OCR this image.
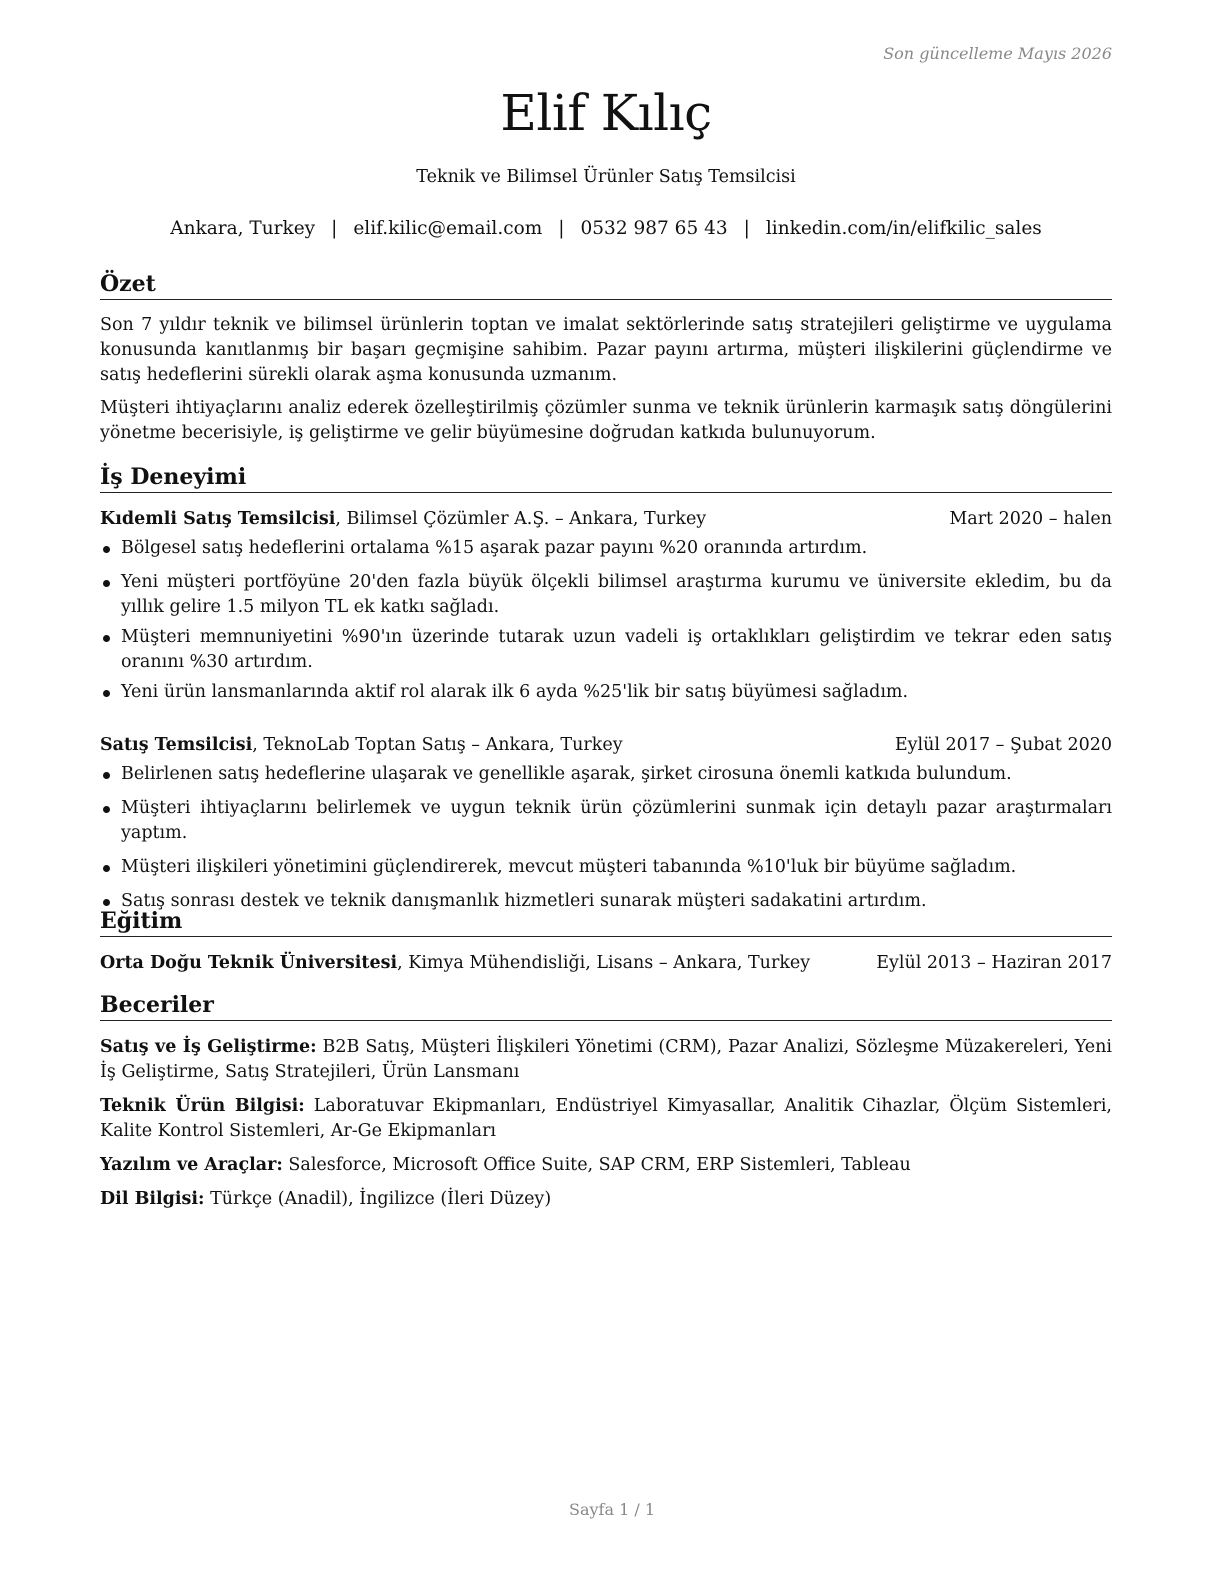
Son güncelleme Mayıs 2026
Elif Kılıç
Teknik ve Bilimsel Ürünler Satış Temsilcisi
Ankara, Turkey | elif.kilic@email.com | 0532 987 65 43 | linkedin.com/in/elifkilic_sales
Özet

Son 7 yıldır teknik ve bilimsel ürünlerin toptan ve imalat sektörlerinde satış stratejileri geliştirme ve uygulama konusunda kanıtlanmış bir başarı geçmişine sahibim. Pazar payını artırma, müşteri ilişkilerini güçlendirme ve satış hedeflerini sürekli olarak aşma konusunda uzmanım.

Müşteri ihtiyaçlarını analiz ederek özelleştirilmiş çözümler sunma ve teknik ürünlerin karmaşık satış döngülerini yönetme becerisiyle, iş geliştirme ve gelir büyümesine doğrudan katkıda bulunuyorum.

İş Deneyimi
Kıdemli Satış Temsilcisi, Bilimsel Çözümler A.Ş. – Ankara, Turkey	Mart 2020 – halen
Bölgesel satış hedeflerini ortalama %15 aşarak pazar payını %20 oranında artırdım.
Yeni müşteri portföyüne 20'den fazla büyük ölçekli bilimsel araştırma kurumu ve üniversite ekledim, bu da yıllık gelire 1.5 milyon TL ek katkı sağladı.
Müşteri memnuniyetini %90'ın üzerinde tutarak uzun vadeli iş ortaklıkları geliştirdim ve tekrar eden satış oranını %30 artırdım.
Yeni ürün lansmanlarında aktif rol alarak ilk 6 ayda %25'lik bir satış büyümesi sağladım.
Satış Temsilcisi, TeknoLab Toptan Satış – Ankara, Turkey	Eylül 2017 – Şubat 2020
Belirlenen satış hedeflerine ulaşarak ve genellikle aşarak, şirket cirosuna önemli katkıda bulundum.
Müşteri ihtiyaçlarını belirlemek ve uygun teknik ürün çözümlerini sunmak için detaylı pazar araştırmaları yaptım.
Müşteri ilişkileri yönetimini güçlendirerek, mevcut müşteri tabanında %10'luk bir büyüme sağladım.
Satış sonrası destek ve teknik danışmanlık hizmetleri sunarak müşteri sadakatini artırdım.
Eğitim
Orta Doğu Teknik Üniversitesi, Kimya Mühendisliği, Lisans – Ankara, Turkey	Eylül 2013 – Haziran 2017
Beceriler

Satış ve İş Geliştirme: B2B Satış, Müşteri İlişkileri Yönetimi (CRM), Pazar Analizi, Sözleşme Müzakereleri, Yeni İş Geliştirme, Satış Stratejileri, Ürün Lansmanı

Teknik Ürün Bilgisi: Laboratuvar Ekipmanları, Endüstriyel Kimyasallar, Analitik Cihazlar, Ölçüm Sistemleri, Kalite Kontrol Sistemleri, Ar-Ge Ekipmanları

Yazılım ve Araçlar: Salesforce, Microsoft Office Suite, SAP CRM, ERP Sistemleri, Tableau

Dil Bilgisi: Türkçe (Anadil), İngilizce (İleri Düzey)

Sayfa 1 / 1
